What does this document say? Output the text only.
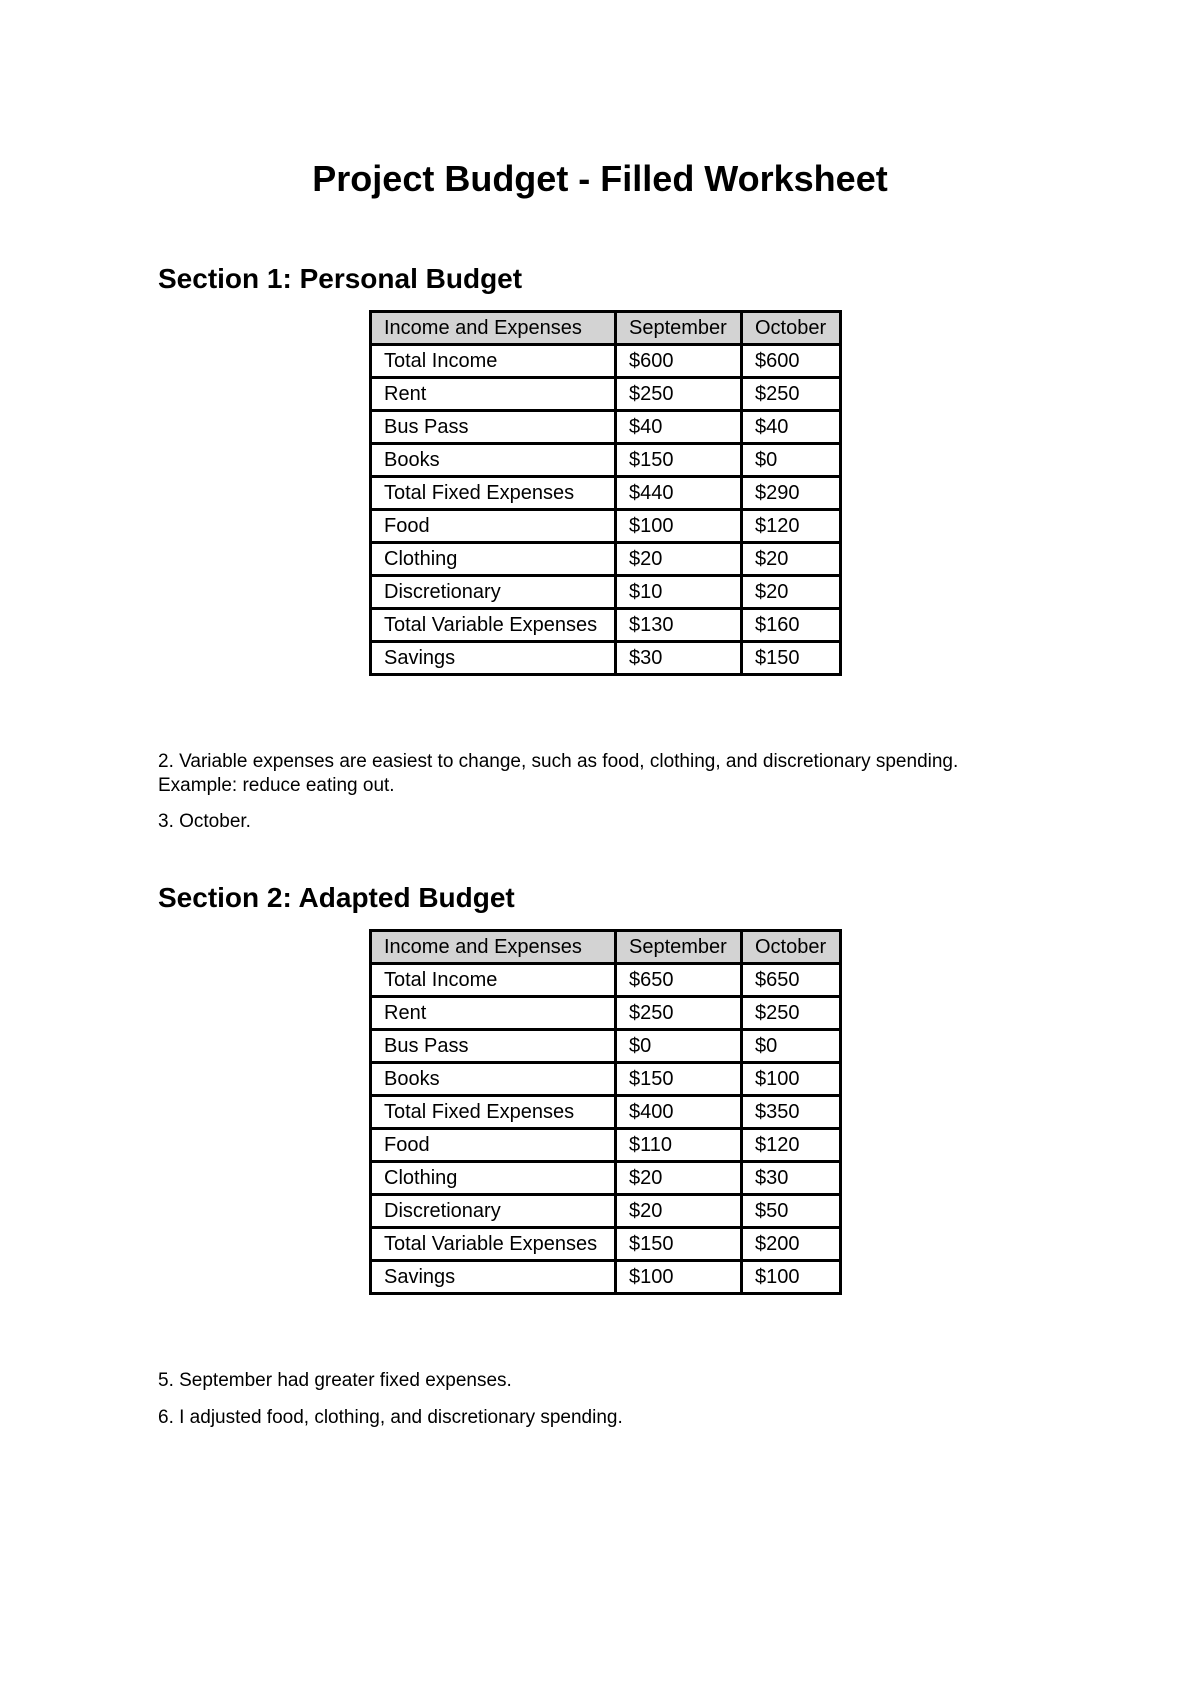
Project Budget - Filled Worksheet
Section 1: Personal Budget
Income and Expenses	September	October
Total Income	$600	$600
Rent	$250	$250
Bus Pass	$40	$40
Books	$150	$0
Total Fixed Expenses	$440	$290
Food	$100	$120
Clothing	$20	$20
Discretionary	$10	$20
Total Variable Expenses	$130	$160
Savings	$30	$150
2. Variable expenses are easiest to change, such as food, clothing, and discretionary spending.
Example: reduce eating out.
3. October.
Section 2: Adapted Budget
Income and Expenses	September	October
Total Income	$650	$650
Rent	$250	$250
Bus Pass	$0	$0
Books	$150	$100
Total Fixed Expenses	$400	$350
Food	$110	$120
Clothing	$20	$30
Discretionary	$20	$50
Total Variable Expenses	$150	$200
Savings	$100	$100
5. September had greater fixed expenses.
6. I adjusted food, clothing, and discretionary spending.
